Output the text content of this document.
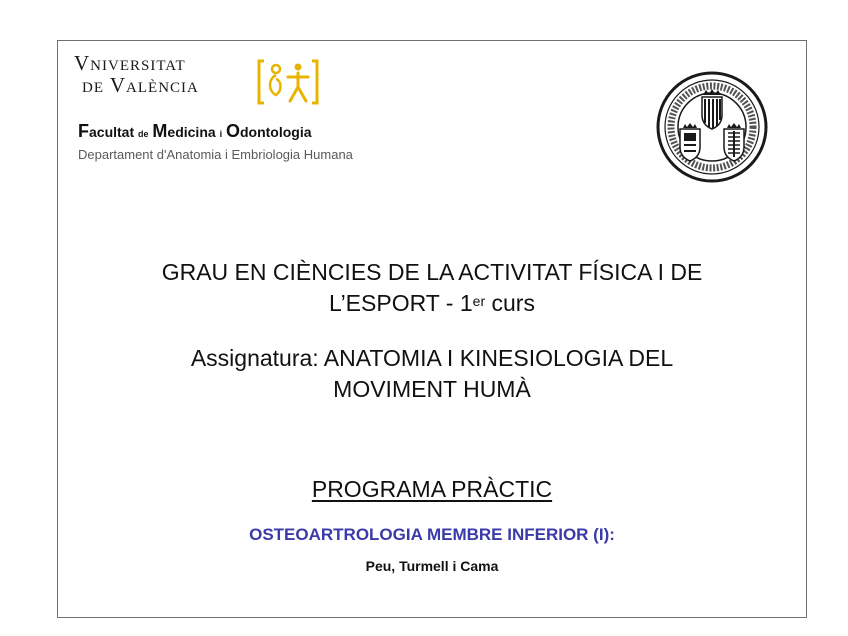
Vniversitat
de València
Facultat de Medicina i Odontologia
Departament d'Anatomia i Embriologia Humana
GRAU EN CIÈNCIES DE LA ACTIVITAT FÍSICA I DE
L’ESPORT - 1er curs
Assignatura: ANATOMIA I KINESIOLOGIA DEL
MOVIMENT HUMÀ
PROGRAMA PRÀCTIC
OSTEOARTROLOGIA MEMBRE INFERIOR (I):
Peu, Turmell i Cama
